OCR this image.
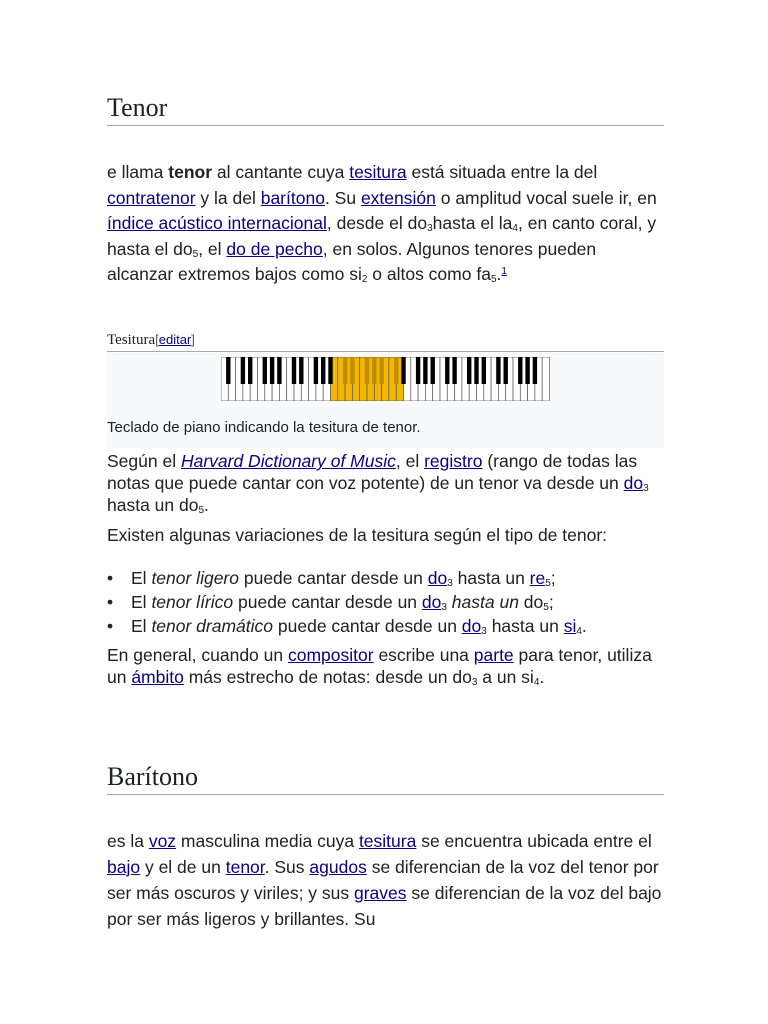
Tenor

e llama tenor al cantante cuya tesitura está situada entre la del contratenor y la del barítono. Su extensión o amplitud vocal suele ir, en índice acústico internacional, desde el $do_3hasta$ el $la_4$, en canto coral, y hasta el $do_5$, el do de pecho, en solos. Algunos tenores pueden alcanzar extremos bajos como $si_2$ o altos como $fa_5.^1$

Tesitura[editar]
Teclado de piano indicando la tesitura de tenor.

Según el Harvard Dictionary of Music, el registro (rango de todas las notas que puede cantar con voz potente) de un tenor va desde un $do_3$ hasta un $do_5$.

Existen algunas variaciones de la tesitura según el tipo de tenor:

• El tenor ligero puede cantar desde un $do_3$ hasta un $re_5$;
• El tenor lírico puede cantar desde un $do_3$ hasta un $do_5$;
• El tenor dramático puede cantar desde un $do_3$ hasta un $si_4$.

En general, cuando un compositor escribe una parte para tenor, utiliza un ámbito más estrecho de notas: desde un $do_3$ a un $si_4$.

Barítono

es la voz masculina media cuya tesitura se encuentra ubicada entre el bajo y el de un tenor. Sus agudos se diferencian de la voz del tenor por ser más oscuros y viriles; y sus graves se diferencian de la voz del bajo por ser más ligeros y brillantes. Su
